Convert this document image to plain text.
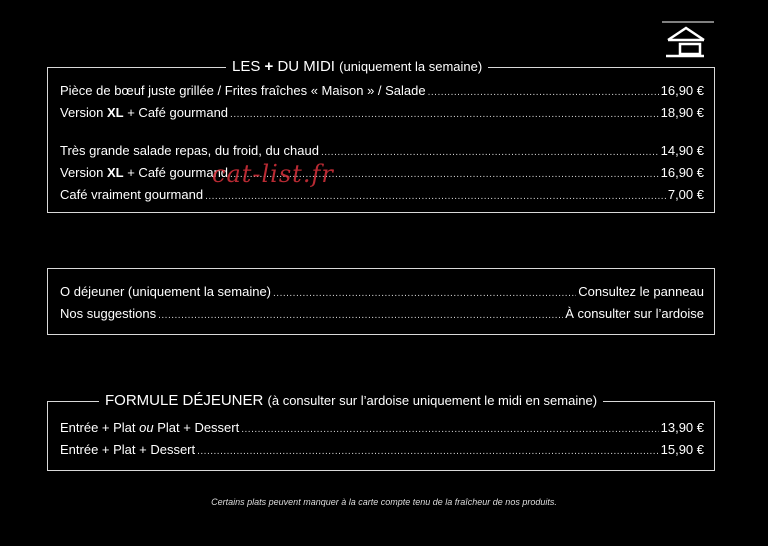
LES + DU MIDI (uniquement la semaine)
Pièce de bœuf juste grillée / Frites fraîches « Maison » / Salade .....	16,90 €
Version XL + Café gourmand .....	18,90 €
Très grande salade repas, du froid, du chaud .....	14,90 €
Version XL + Café gourmand .....	16,90 €
Café vraiment gourmand .....	7,00 €
O déjeuner (uniquement la semaine) .....	Consultez le panneau
Nos suggestions .....	À consulter sur l’ardoise
FORMULE DÉJEUNER (à consulter sur l’ardoise uniquement le midi en semaine)
Entrée + Plat ou Plat + Dessert .....	13,90 €
Entrée + Plat + Dessert .....	15,90 €
Certains plats peuvent manquer à la carte compte tenu de la fraîcheur de nos produits.
cat-list.fr
